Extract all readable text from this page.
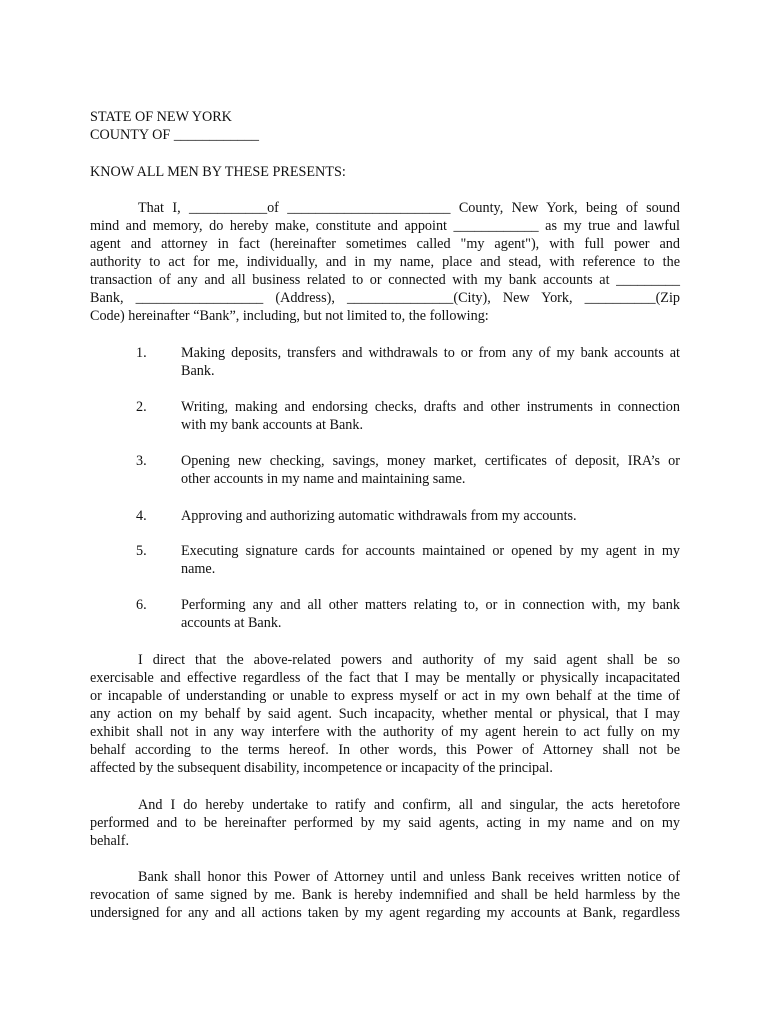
STATE OF NEW YORK
COUNTY OF ____________
KNOW ALL MEN BY THESE PRESENTS:
That I, ___________of _______________________ County, New York, being of sound
mind and memory, do hereby make, constitute and appoint ____________ as my true and lawful
agent and attorney in fact (hereinafter sometimes called "my agent"), with full power and
authority to act for me, individually, and in my name, place and stead, with reference to the
transaction of any and all business related to or connected with my bank accounts at _________
Bank, __________________ (Address), _______________(City), New York, __________(Zip
Code) hereinafter “Bank”, including, but not limited to, the following:
1. Making deposits, transfers and withdrawals to or from any of my bank accounts at
Bank.
2. Writing, making and endorsing checks, drafts and other instruments in connection
with my bank accounts at Bank.
3. Opening new checking, savings, money market, certificates of deposit, IRA’s or
other accounts in my name and maintaining same.
4. Approving and authorizing automatic withdrawals from my accounts.
5. Executing signature cards for accounts maintained or opened by my agent in my
name.
6. Performing any and all other matters relating to, or in connection with, my bank
accounts at Bank.
I direct that the above-related powers and authority of my said agent shall be so
exercisable and effective regardless of the fact that I may be mentally or physically incapacitated
or incapable of understanding or unable to express myself or act in my own behalf at the time of
any action on my behalf by said agent. Such incapacity, whether mental or physical, that I may
exhibit shall not in any way interfere with the authority of my agent herein to act fully on my
behalf according to the terms hereof. In other words, this Power of Attorney shall not be
affected by the subsequent disability, incompetence or incapacity of the principal.
And I do hereby undertake to ratify and confirm, all and singular, the acts heretofore
performed and to be hereinafter performed by my said agents, acting in my name and on my
behalf.
Bank shall honor this Power of Attorney until and unless Bank receives written notice of
revocation of same signed by me. Bank is hereby indemnified and shall be held harmless by the
undersigned for any and all actions taken by my agent regarding my accounts at Bank, regardless
